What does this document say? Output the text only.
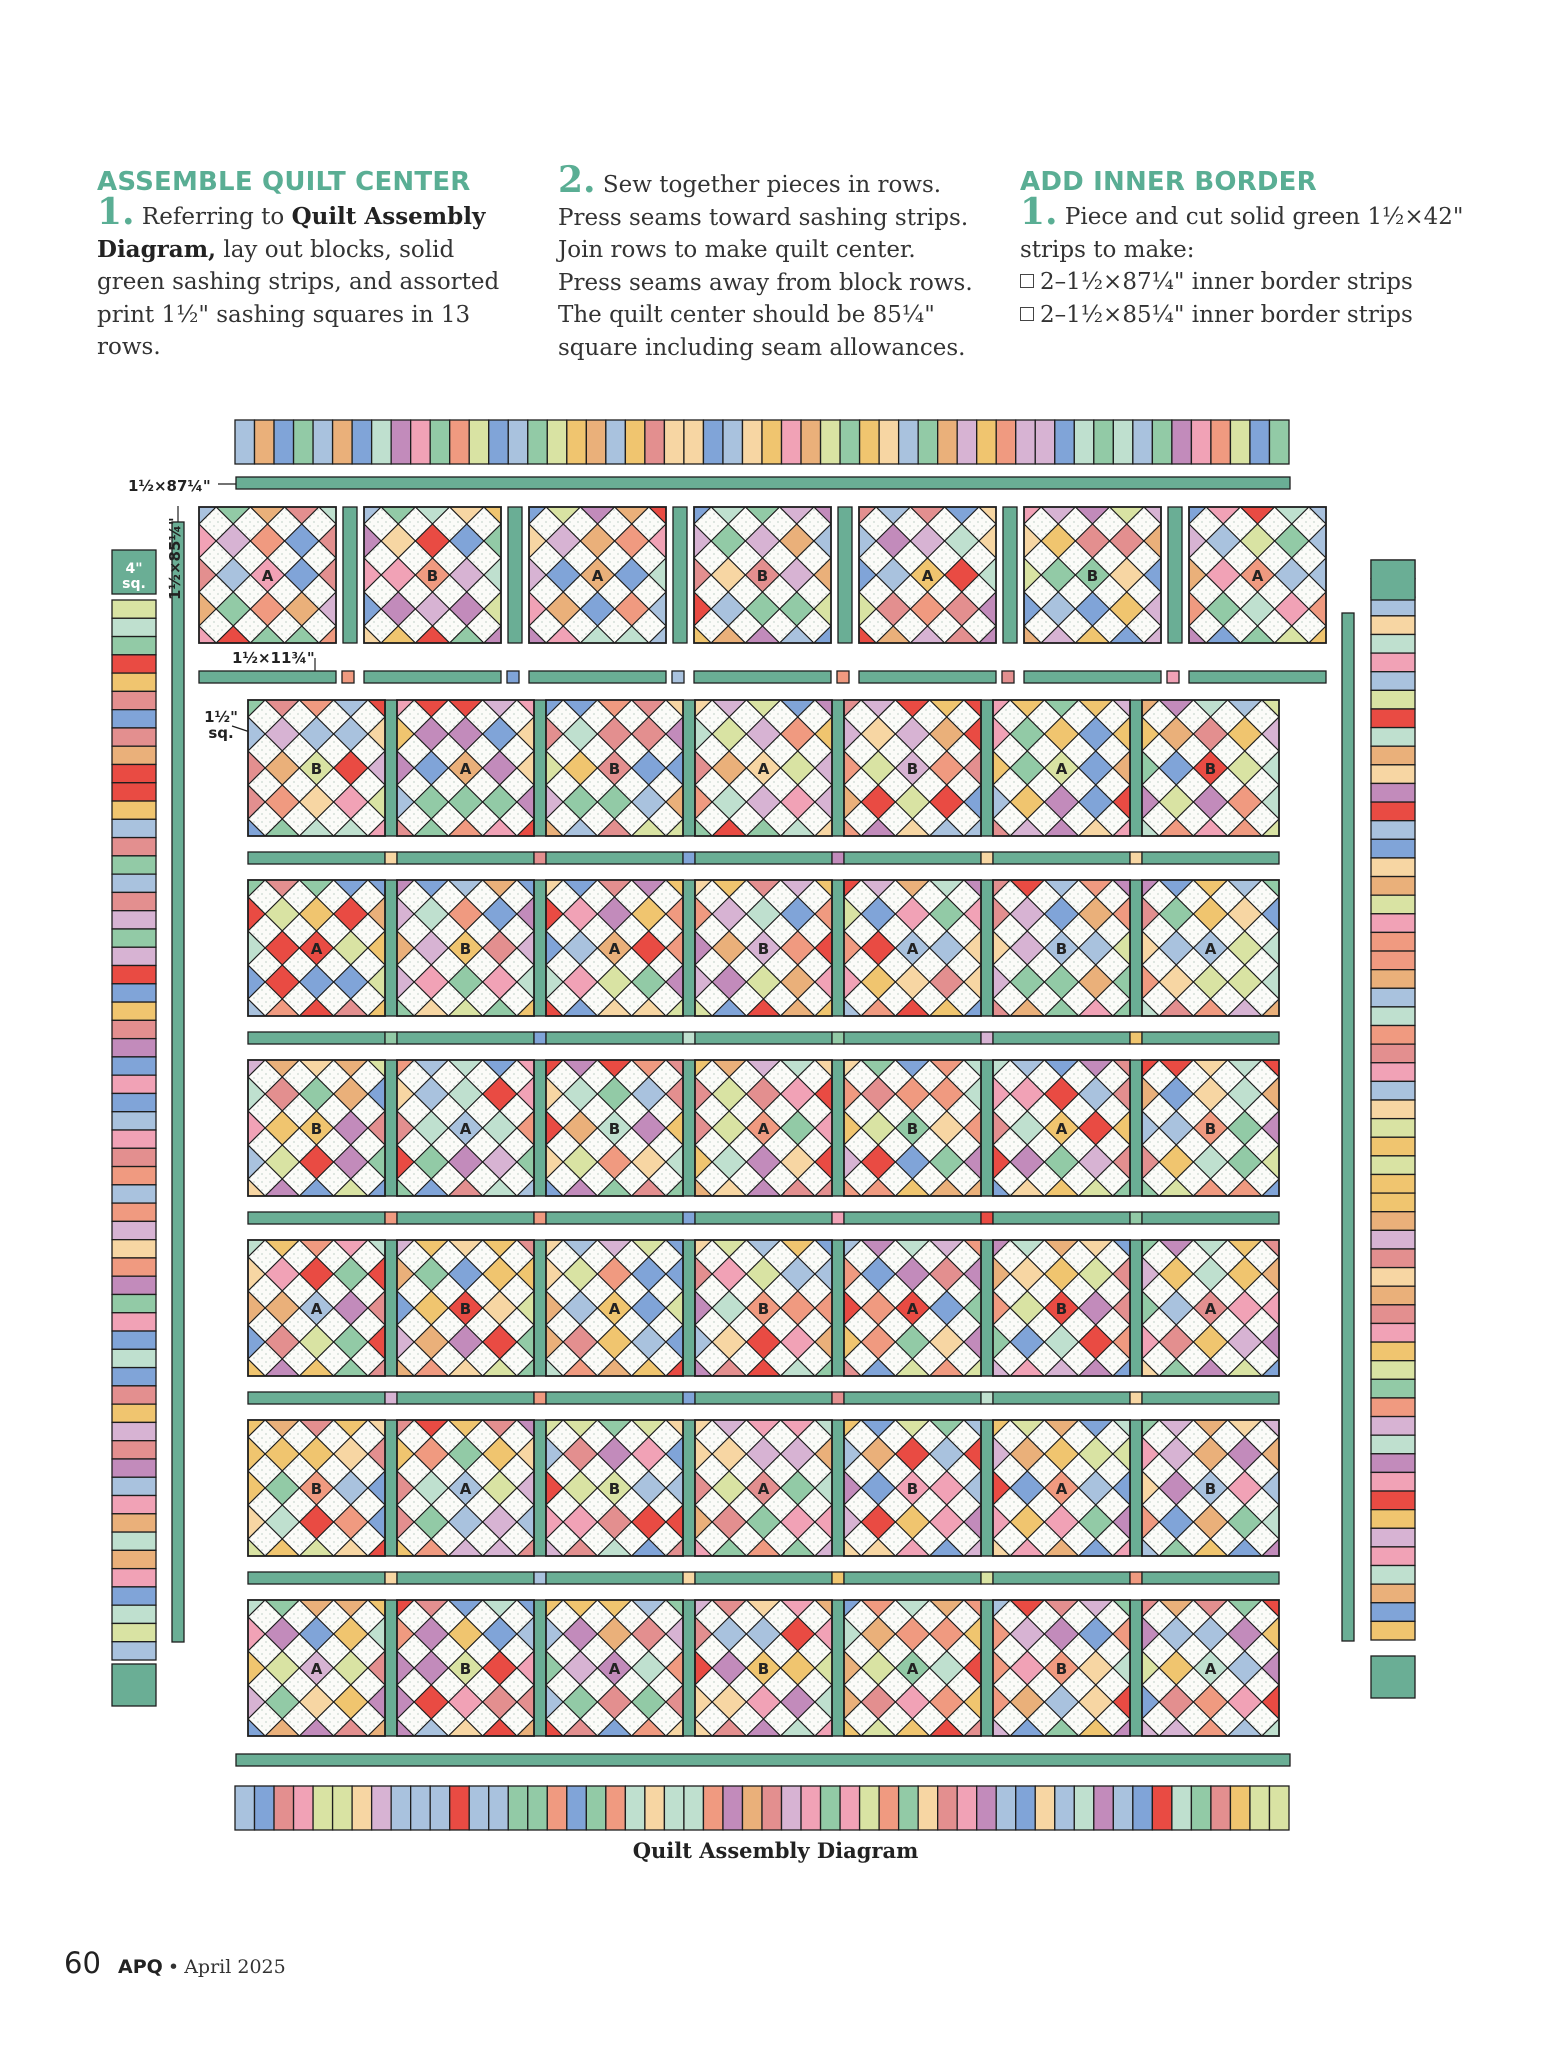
ASSEMBLE QUILT CENTER
1. Referring to Quilt Assembly Diagram, lay out blocks, solid green sashing strips, and assorted print 1½" sashing squares in 13 rows.
2. Sew together pieces in rows. Press seams toward sashing strips. Join rows to make quilt center. Press seams away from block rows. The quilt center should be 85¼" square including seam allowances.
ADD INNER BORDER
1. Piece and cut solid green 1½×42" strips to make:
2–1½×87¼" inner border strips
2–1½×85¼" inner border strips
A	B	A	B	A	B	A
B	A	B	A	B	A	B
A	B	A	B	A	B	A
B	A	B	A	B	A	B
A	B	A	B	A	B	A
B	A	B	A	B	A	B
A	B	A	B	A	B	A
1½×87¼"
1½×85¼"
4"
sq.
1½×11¾"
1½"
sq.
Quilt Assembly Diagram
60 APQ • April 2025
